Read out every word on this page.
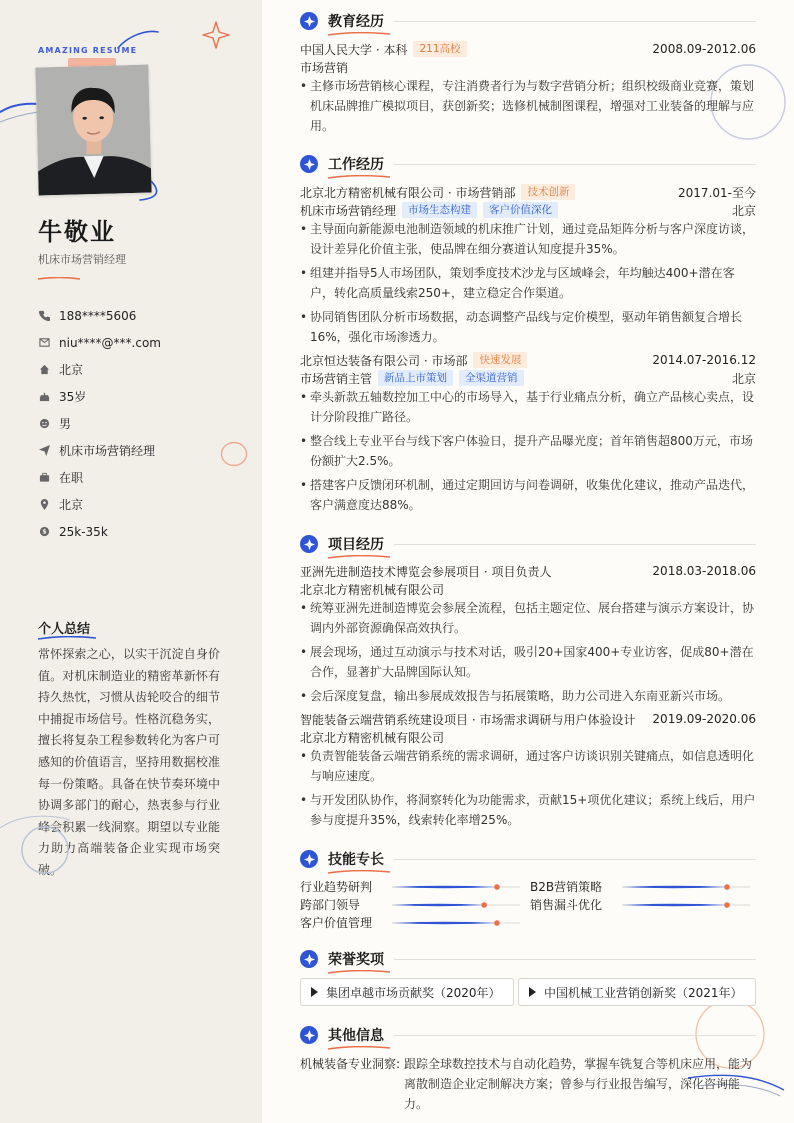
AMAZING RESUME
牛敬业
机床市场营销经理
188****5606
niu****@***.com
北京
35岁
男
机床市场营销经理
在职
北京
$ 25k-35k
个人总结
常怀探索之心，以实干沉淀自身价值。对机床制造业的精密革新怀有持久热忱，习惯从齿轮咬合的细节中捕捉市场信号。性格沉稳务实，擅长将复杂工程参数转化为客户可感知的价值语言，坚持用数据校准每一份策略。具备在快节奏环境中协调多部门的耐心，热衷参与行业峰会积累一线洞察。期望以专业能力助力高端装备企业实现市场突破。
教育经历
中国人民大学 · 本科	211高校	2008.09-2012.06
市场营销
• 主修市场营销核心课程，专注消费者行为与数字营销分析；组织校级商业竞赛，策划机床品牌推广模拟项目，获创新奖；选修机械制图课程，增强对工业装备的理解与应用。
工作经历
北京北方精密机械有限公司 · 市场营销部	技术创新	2017.01-至今
机床市场营销经理	市场生态构建	客户价值深化	北京
• 主导面向新能源电池制造领域的机床推广计划，通过竞品矩阵分析与客户深度访谈，设计差异化价值主张，使品牌在细分赛道认知度提升35%。
• 组建并指导5人市场团队，策划季度技术沙龙与区域峰会，年均触达400+潜在客户，转化高质量线索250+，建立稳定合作渠道。
• 协同销售团队分析市场数据，动态调整产品线与定价模型，驱动年销售额复合增长16%，强化市场渗透力。
北京恒达装备有限公司 · 市场部	快速发展	2014.07-2016.12
市场营销主管	新品上市策划	全渠道营销	北京
• 牵头新款五轴数控加工中心的市场导入，基于行业痛点分析，确立产品核心卖点，设计分阶段推广路径。
• 整合线上专业平台与线下客户体验日，提升产品曝光度；首年销售超800万元，市场份额扩大2.5%。
• 搭建客户反馈闭环机制，通过定期回访与问卷调研，收集优化建议，推动产品迭代，客户满意度达88%。
项目经历
亚洲先进制造技术博览会参展项目 · 项目负责人	2018.03-2018.06
北京北方精密机械有限公司
• 统筹亚洲先进制造博览会参展全流程，包括主题定位、展台搭建与演示方案设计，协调内外部资源确保高效执行。
• 展会现场，通过互动演示与技术对话，吸引20+国家400+专业访客，促成80+潜在合作，显著扩大品牌国际认知。
• 会后深度复盘，输出参展成效报告与拓展策略，助力公司进入东南亚新兴市场。
智能装备云端营销系统建设项目 · 市场需求调研与用户体验设计 2019.09-2020.06
北京北方精密机械有限公司
• 负责智能装备云端营销系统的需求调研，通过客户访谈识别关键痛点，如信息透明化与响应速度。
• 与开发团队协作，将洞察转化为功能需求，贡献15+项优化建议；系统上线后，用户参与度提升35%，线索转化率增25%。
技能专长
行业趋势研判	B2B营销策略
跨部门领导	销售漏斗优化
客户价值管理
荣誉奖项
集团卓越市场贡献奖（2020年）	中国机械工业营销创新奖（2021年）
其他信息
机械装备专业洞察: 跟踪全球数控技术与自动化趋势，掌握车铣复合等机床应用，能为离散制造企业定制解决方案；曾参与行业报告编写，深化咨询能力。
